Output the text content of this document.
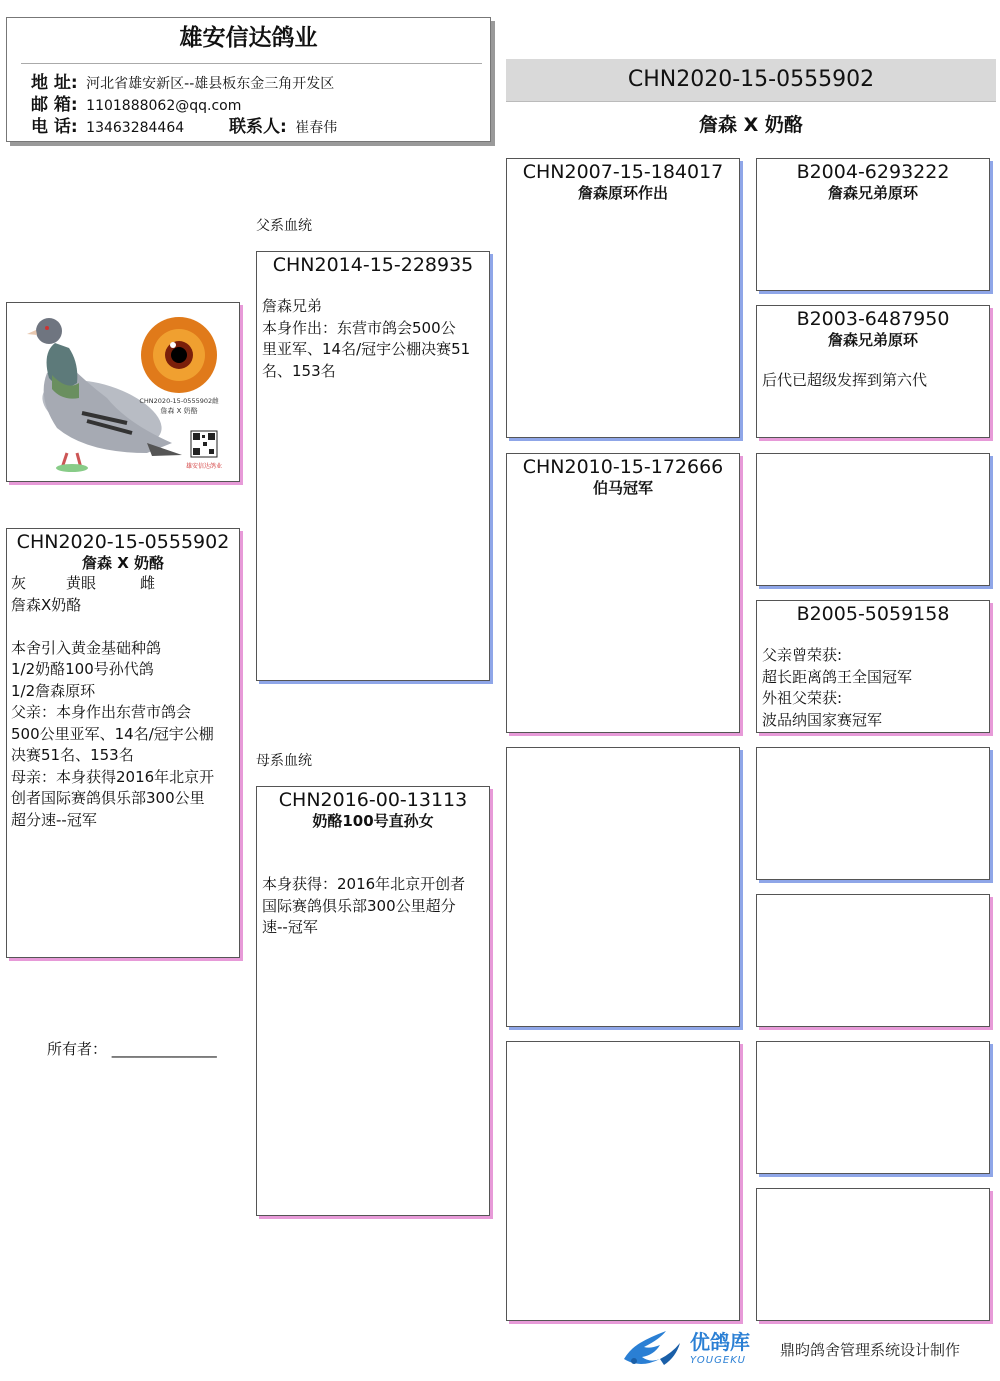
雄安信达鸽业
地 址: 河北省雄安新区--雄县板东金三角开发区
邮 箱: 1101888062@qq.com
电 话: 13463284464	联系人: 崔春伟
CHN2020-15-0555902
詹森 X 奶酪
CHN2020-15-0555902雌
詹森 X 奶酪
雄安信达鸽业
CHN2020-15-0555902
詹森 X 奶酪
灰	黄眼	雌
詹森X奶酪
本舍引入黄金基础种鸽
1/2奶酪100号孙代鸽
1/2詹森原环
父亲：本身作出东营市鸽会
500公里亚军、14名/冠宇公棚
决赛51名、153名
母亲：本身获得2016年北京开
创者国际赛鸽俱乐部300公里
超分速--冠军
所有者： ______________
父系血统
母系血统
CHN2014-15-228935
詹森兄弟
本身作出：东营市鸽会500公
里亚军、14名/冠宇公棚决赛51
名、153名
CHN2016-00-13113
奶酪100号直孙女
本身获得：2016年北京开创者
国际赛鸽俱乐部300公里超分
速--冠军
CHN2007-15-184017
詹森原环作出
CHN2010-15-172666
伯马冠军
B2004-6293222
詹森兄弟原环
B2003-6487950
詹森兄弟原环
后代已超级发挥到第六代
B2005-5059158
父亲曾荣获:
超长距离鸽王全国冠军
外祖父荣获:
波品纳国家赛冠军
优鸽库
YOUGEKU
鼎昀鸽舍管理系统设计制作
